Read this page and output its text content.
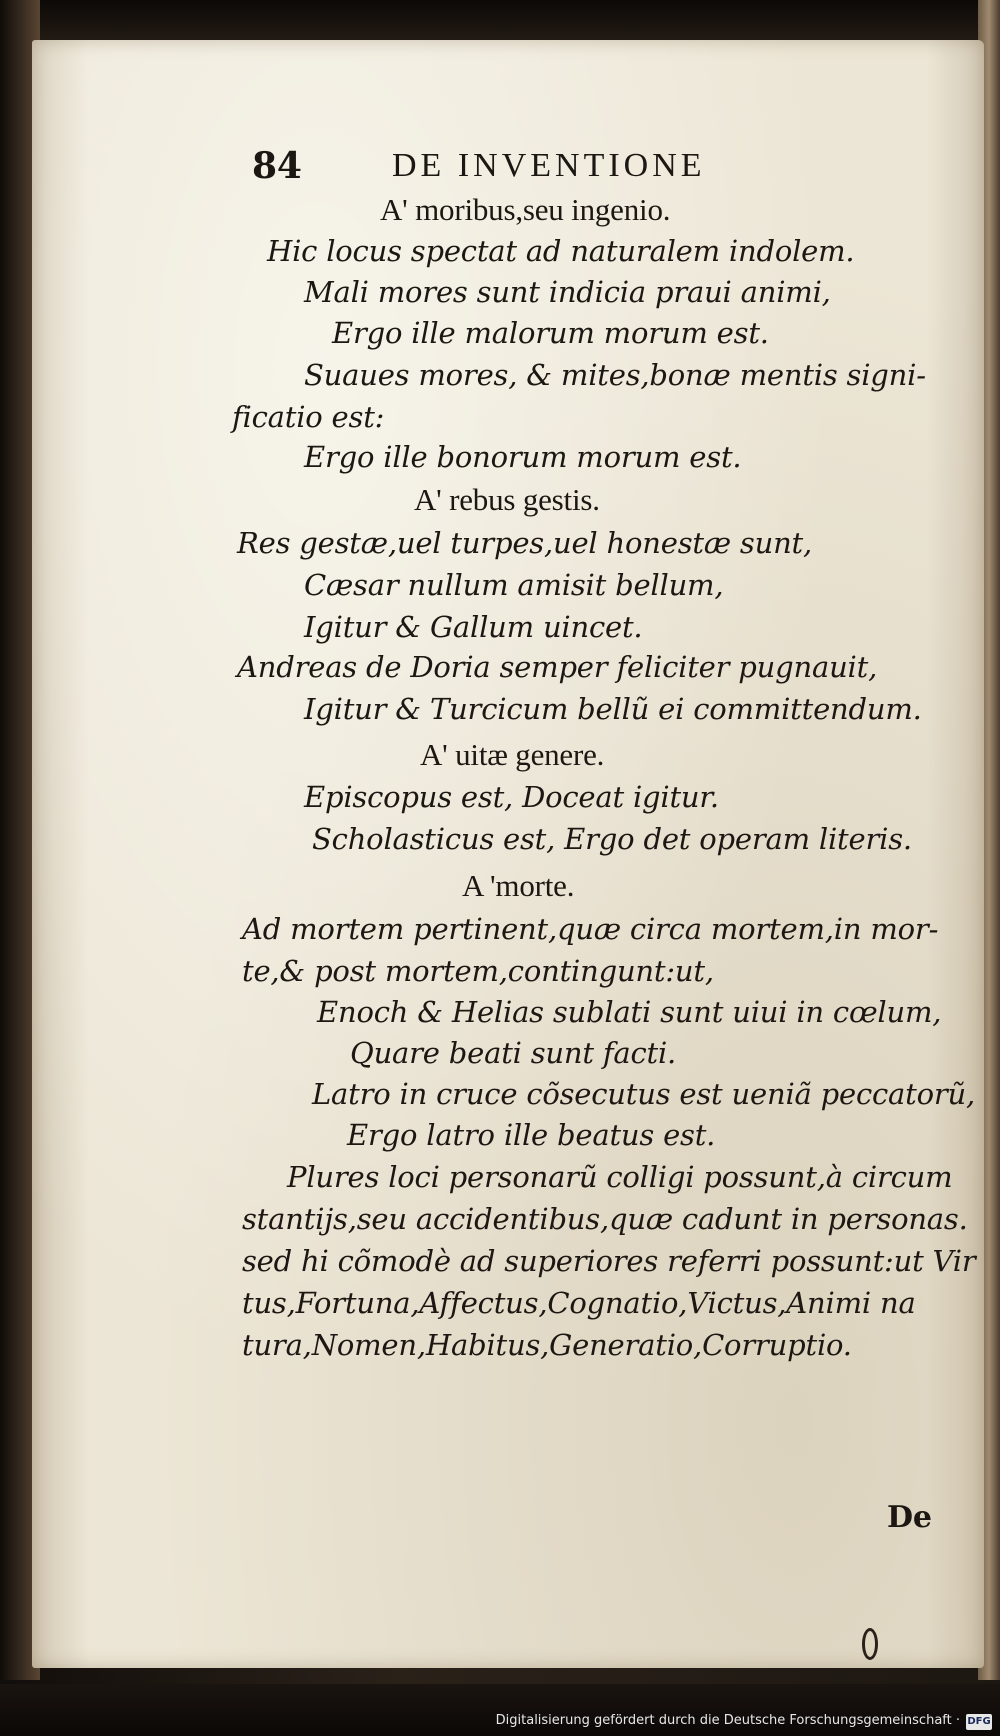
84	DE INVENTIONE
A' moribus,seu ingenio.
Hic locus spectat ad naturalem indolem.
Mali mores sunt indicia praui animi,
Ergo ille malorum morum est.
Suaues mores, & mites,bonæ mentis signi-
ficatio est:
Ergo ille bonorum morum est.
A' rebus gestis.
Res gestæ,uel turpes,uel honestæ sunt,
Cæsar nullum amisit bellum,
Igitur & Gallum uincet.
Andreas de Doria semper feliciter pugnauit,
Igitur & Turcicum bellũ ei committendum.
A' uitæ genere.
Episcopus est, Doceat igitur.
Scholasticus est, Ergo det operam literis.
A 'morte.
Ad mortem pertinent,quæ circa mortem,in mor-
te,& post mortem,contingunt:ut,
Enoch & Helias sublati sunt uiui in cœlum,
Quare beati sunt facti.
Latro in cruce cõsecutus est ueniã peccatorũ,
Ergo latro ille beatus est.
Plures loci personarũ colligi possunt,à circum
stantijs,seu accidentibus,quæ cadunt in personas.
sed hi cõmodè ad superiores referri possunt:ut Vir
tus,Fortuna,Affectus,Cognatio,Victus,Animi na
tura,Nomen,Habitus,Generatio,Corruptio.
De
Digitalisierung gefördert durch die Deutsche Forschungsgemeinschaft · DFG
